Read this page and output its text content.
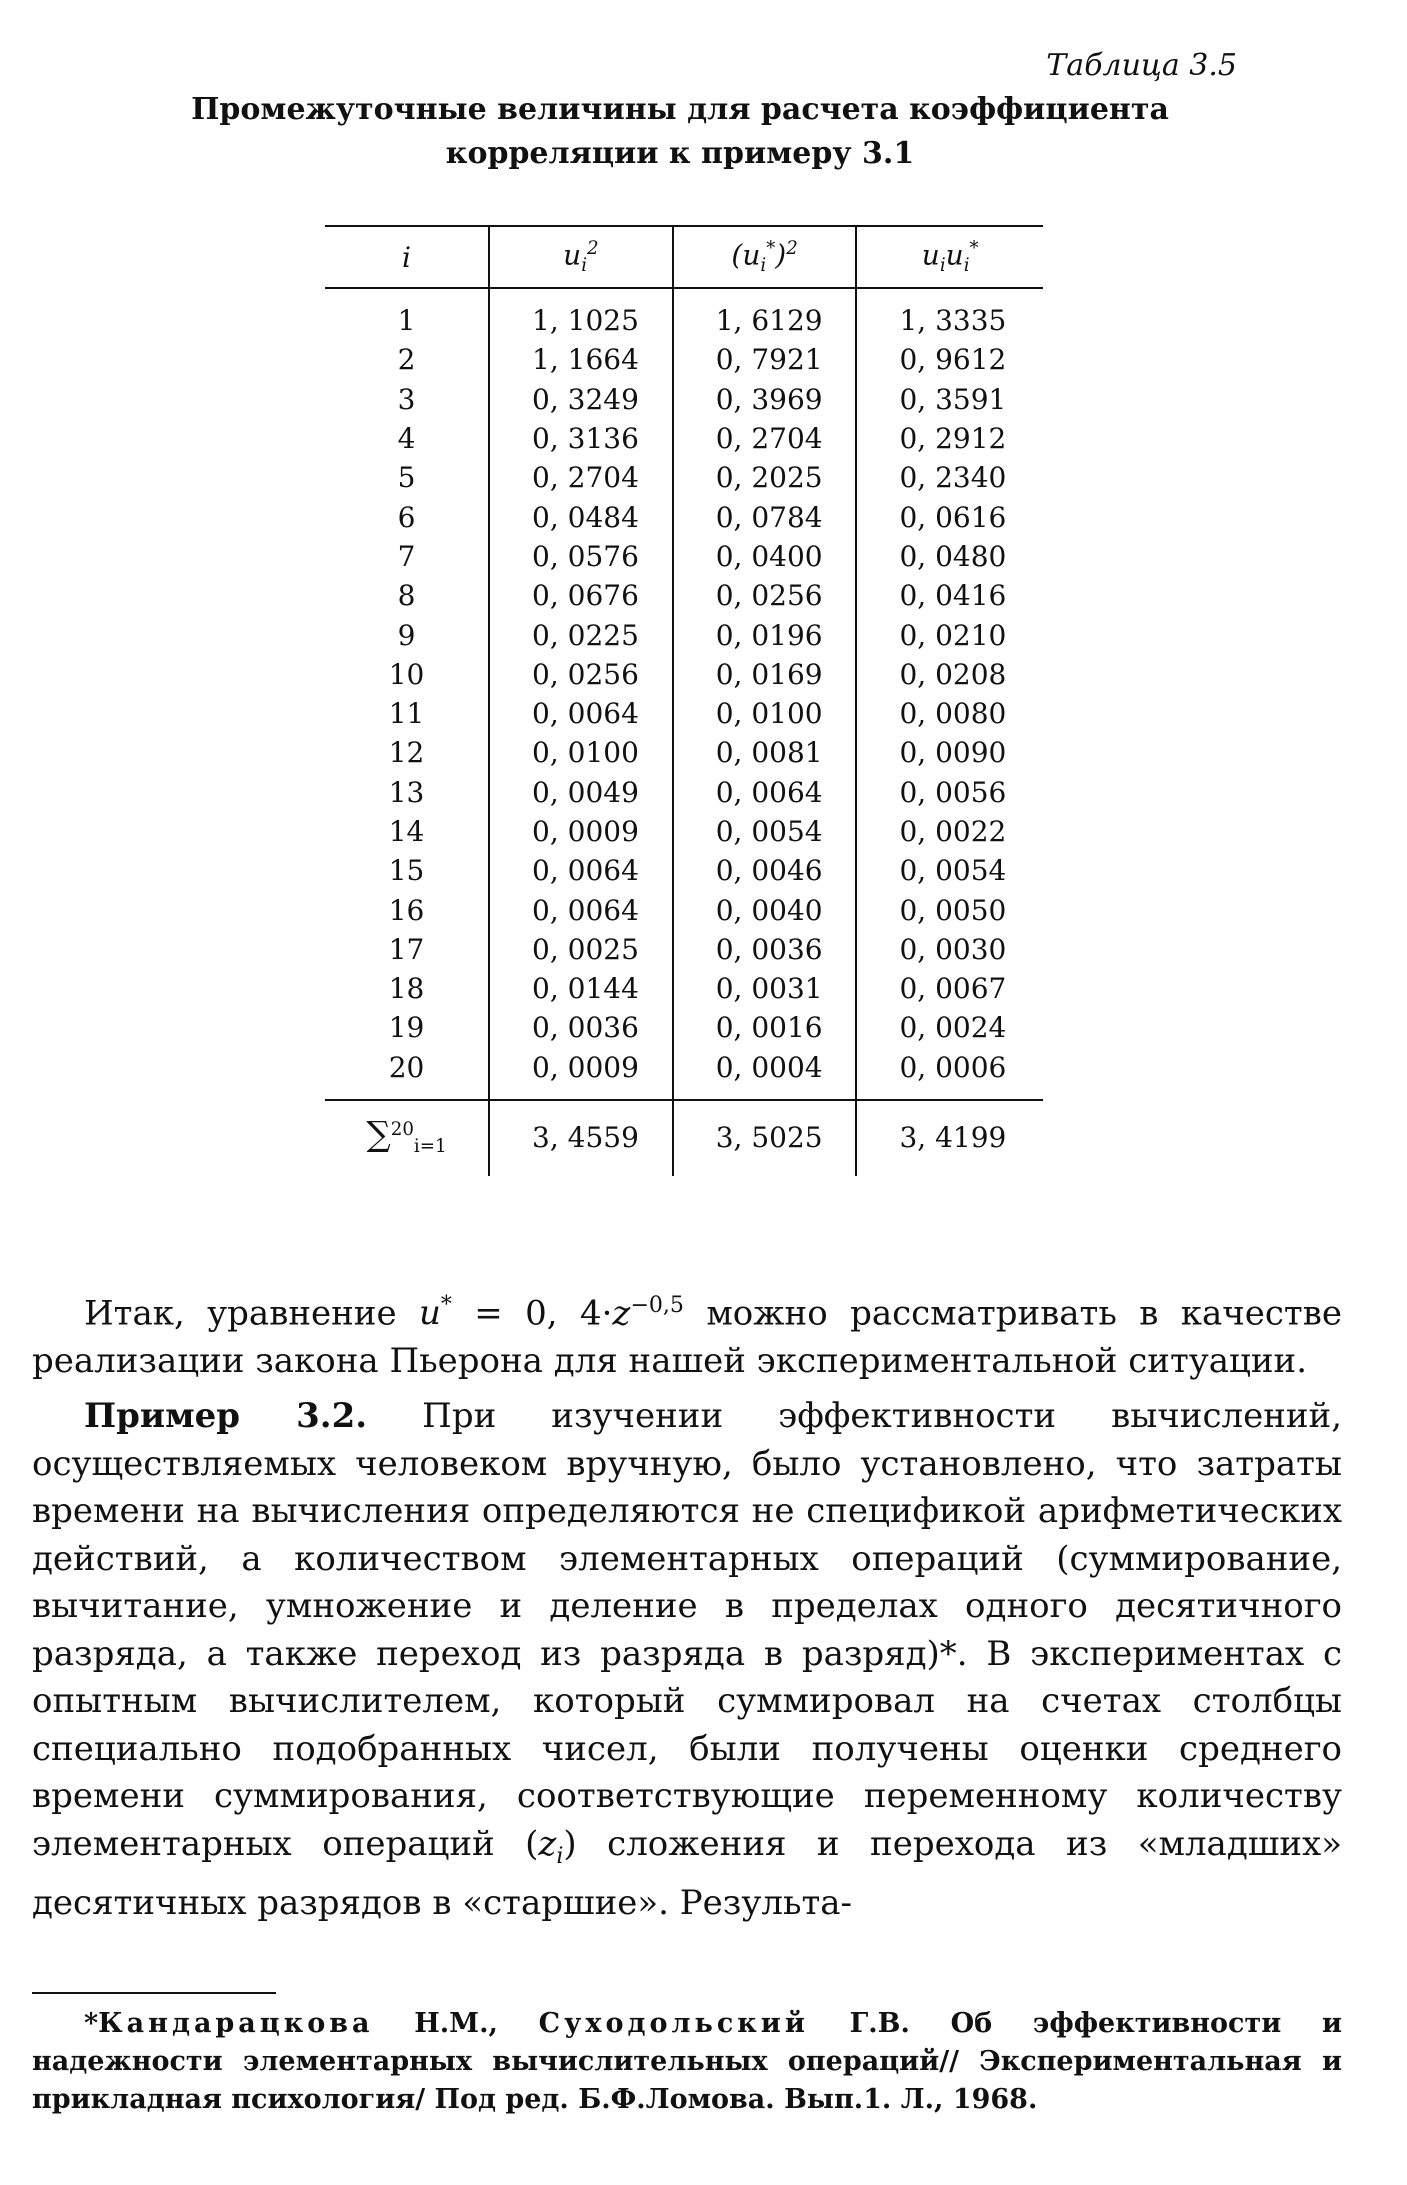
Таблица 3.5
Промежуточные величины для расчета коэффициента
корреляции к примеру 3.1
i	$u_i^2$	$(u_i^*)^2$	$u_iu_i^*$
1	1, 1025	1, 6129	1, 3335
2	1, 1664	0, 7921	0, 9612
3	0, 3249	0, 3969	0, 3591
4	0, 3136	0, 2704	0, 2912
5	0, 2704	0, 2025	0, 2340
6	0, 0484	0, 0784	0, 0616
7	0, 0576	0, 0400	0, 0480
8	0, 0676	0, 0256	0, 0416
9	0, 0225	0, 0196	0, 0210
10	0, 0256	0, 0169	0, 0208
11	0, 0064	0, 0100	0, 0080
12	0, 0100	0, 0081	0, 0090
13	0, 0049	0, 0064	0, 0056
14	0, 0009	0, 0054	0, 0022
15	0, 0064	0, 0046	0, 0054
16	0, 0064	0, 0040	0, 0050
17	0, 0025	0, 0036	0, 0030
18	0, 0144	0, 0031	0, 0067
19	0, 0036	0, 0016	0, 0024
20	0, 0009	0, 0004	0, 0006
∑$^{20}_{i=1}$	3, 4559	3, 5025	3, 4199

Итак, уравнение u* = 0, $4\cdot z^{-0,5}$ можно рассматривать в качестве реализации закона Пьерона для нашей экспериментальной ситуации.

Пример 3.2. При изучении эффективности вычислений, осуществляемых человеком вручную, было установлено, что затраты времени на вычисления определяются не спецификой арифметических действий, а количеством элементарных операций (суммирование, вычитание, умножение и деление в пределах одного десятичного разряда, а также переход из разряда в разряд)*. В экспериментах с опытным вычислителем, который суммировал на счетах столбцы специально подобранных чисел, были получены оценки среднего времени суммирования, соответствующие переменному количеству элементарных операций $(z_i)$ сложения и перехода из «младших» десятичных разрядов в «старшие». Результа-

*Кандарацкова Н.М., Суходольский Г.В. Об эффективности и надежности элементарных вычислительных операций// Экспериментальная и прикладная психология/ Под ред. Б.Ф.Ломова. Вып.1. Л., 1968.
